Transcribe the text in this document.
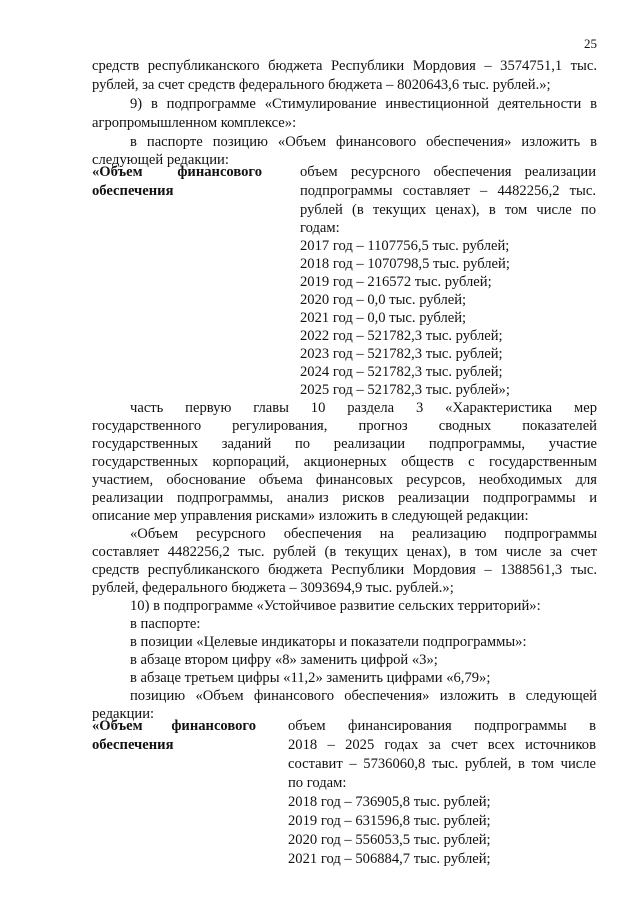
25
средств республиканского бюджета Республики Мордовия – 3574751,1 тыс.
рублей, за счет средств федерального бюджета – 8020643,6 тыс. рублей.»;
9) в подпрограмме «Стимулирование инвестиционной деятельности в
агропромышленном комплексе»:
в паспорте позицию «Объем финансового обеспечения» изложить в
следующей редакции:
«Объем финансового
обеспечения
объем ресурсного обеспечения реализации
подпрограммы составляет – 4482256,2 тыс.
рублей (в текущих ценах), в том числе по
годам:
2017 год – 1107756,5 тыс. рублей;
2018 год – 1070798,5 тыс. рублей;
2019 год – 216572 тыс. рублей;
2020 год – 0,0 тыс. рублей;
2021 год – 0,0 тыс. рублей;
2022 год – 521782,3 тыс. рублей;
2023 год – 521782,3 тыс. рублей;
2024 год – 521782,3 тыс. рублей;
2025 год – 521782,3 тыс. рублей»;
часть первую главы 10 раздела 3 «Характеристика мер
государственного регулирования, прогноз сводных показателей
государственных заданий по реализации подпрограммы, участие
государственных корпораций, акционерных обществ с государственным
участием, обоснование объема финансовых ресурсов, необходимых для
реализации подпрограммы, анализ рисков реализации подпрограммы и
описание мер управления рисками» изложить в следующей редакции:
«Объем ресурсного обеспечения на реализацию подпрограммы
составляет 4482256,2 тыс. рублей (в текущих ценах), в том числе за счет
средств республиканского бюджета Республики Мордовия – 1388561,3 тыс.
рублей, федерального бюджета – 3093694,9 тыс. рублей.»;
10) в подпрограмме «Устойчивое развитие сельских территорий»:
в паспорте:
в позиции «Целевые индикаторы и показатели подпрограммы»:
в абзаце втором цифру «8» заменить цифрой «3»;
в абзаце третьем цифры «11,2» заменить цифрами «6,79»;
позицию «Объем финансового обеспечения» изложить в следующей
редакции:
«Объем финансового
обеспечения
объем финансирования подпрограммы в
2018 – 2025 годах за счет всех источников
составит – 5736060,8 тыс. рублей, в том числе
по годам:
2018 год – 736905,8 тыс. рублей;
2019 год – 631596,8 тыс. рублей;
2020 год – 556053,5 тыс. рублей;
2021 год – 506884,7 тыс. рублей;
